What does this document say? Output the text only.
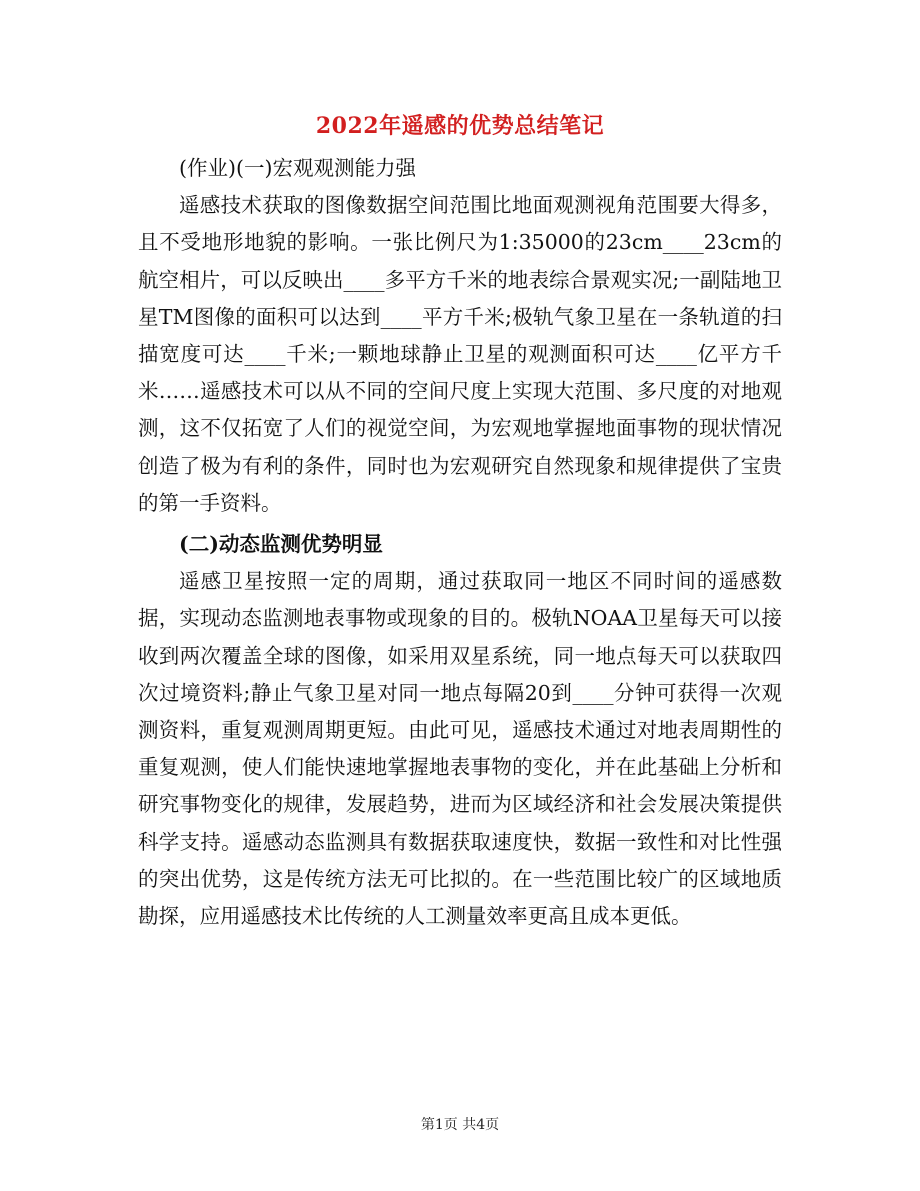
2022年遥感的优势总结笔记

(作业)(一)宏观观测能力强

遥感技术获取的图像数据空间范围比地面观测视角范围要大得多，且不受地形地貌的影响。一张比例尺为1:35000的23cm____23cm的航空相片，可以反映出____多平方千米的地表综合景观实况;一副陆地卫星TM图像的面积可以达到____平方千米;极轨气象卫星在一条轨道的扫描宽度可达____千米;一颗地球静止卫星的观测面积可达____亿平方千米……遥感技术可以从不同的空间尺度上实现大范围、多尺度的对地观测，这不仅拓宽了人们的视觉空间，为宏观地掌握地面事物的现状情况创造了极为有利的条件，同时也为宏观研究自然现象和规律提供了宝贵的第一手资料。

(二)动态监测优势明显

遥感卫星按照一定的周期，通过获取同一地区不同时间的遥感数据，实现动态监测地表事物或现象的目的。极轨NOAA卫星每天可以接收到两次覆盖全球的图像，如采用双星系统，同一地点每天可以获取四次过境资料;静止气象卫星对同一地点每隔20到____分钟可获得一次观测资料，重复观测周期更短。由此可见，遥感技术通过对地表周期性的重复观测，使人们能快速地掌握地表事物的变化，并在此基础上分析和研究事物变化的规律，发展趋势，进而为区域经济和社会发展决策提供科学支持。遥感动态监测具有数据获取速度快，数据一致性和对比性强的突出优势，这是传统方法无可比拟的。在一些范围比较广的区域地质勘探，应用遥感技术比传统的人工测量效率更高且成本更低。

第1页 共4页
